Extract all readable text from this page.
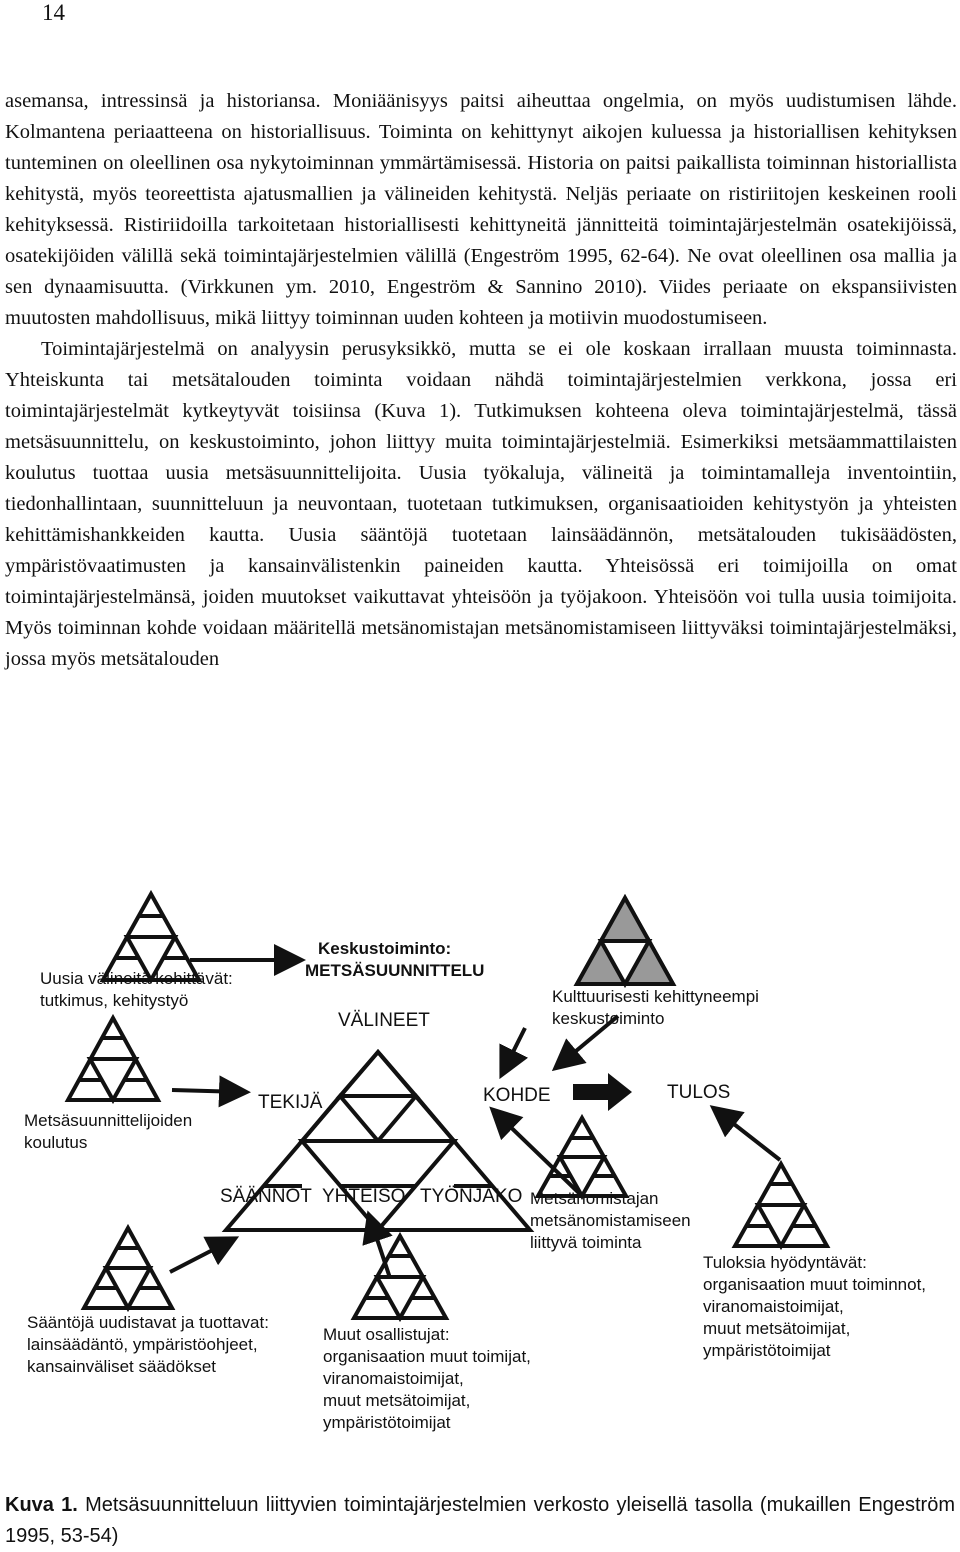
14

asemansa, intressinsä ja historiansa. Moniäänisyys paitsi aiheuttaa ongelmia, on myös uudistumisen lähde. Kolmantena periaatteena on historiallisuus. Toiminta on kehittynyt aikojen kuluessa ja historiallisen kehityksen tunteminen on oleellinen osa nykytoiminnan ymmärtämisessä. Historia on paitsi paikallista toiminnan historiallista kehitystä, myös teoreettista ajatusmallien ja välineiden kehitystä. Neljäs periaate on ristiriitojen keskeinen rooli kehityksessä. Ristiriidoilla tarkoitetaan historiallisesti kehittyneitä jännitteitä toimintajärjestelmän osatekijöissä, osatekijöiden välillä sekä toimintajärjestelmien välillä (Engeström 1995, 62-64). Ne ovat oleellinen osa mallia ja sen dynaamisuutta. (Virkkunen ym. 2010, Engeström & Sannino 2010). Viides periaate on ekspansiivisten muutosten mahdollisuus, mikä liittyy toiminnan uuden kohteen ja motiivin muodostumiseen.

Toimintajärjestelmä on analyysin perusyksikkö, mutta se ei ole koskaan irrallaan muusta toiminnasta. Yhteiskunta tai metsätalouden toiminta voidaan nähdä toimintajärjestelmien verkkona, jossa eri toimintajärjestelmät kytkeytyvät toisiinsa (Kuva 1). Tutkimuksen kohteena oleva toimintajärjestelmä, tässä metsäsuunnittelu, on keskustoiminto, johon liittyy muita toimintajärjestelmiä. Esimerkiksi metsäammattilaisten koulutus tuottaa uusia metsäsuunnittelijoita. Uusia työkaluja, välineitä ja toimintamalleja inventointiin, tiedonhallintaan, suunnitteluun ja neuvontaan, tuotetaan tutkimuksen, organisaatioiden kehitystyön ja yhteisten kehittämishankkeiden kautta. Uusia sääntöjä tuotetaan lainsäädännön, metsätalouden tukisäädösten, ympäristövaatimusten ja kansainvälistenkin paineiden kautta. Yhteisössä eri toimijoilla on omat toimintajärjestelmänsä, joiden muutokset vaikuttavat yhteisöön ja työjakoon. Yhteisöön voi tulla uusia toimijoita. Myös toiminnan kohde voidaan määritellä metsänomistajan metsänomistamiseen liittyväksi toimintajärjestelmäksi, jossa myös metsätalouden

Keskustoiminto:
METSÄSUUNNITTELU
Uusia välineitä kehittävät:
tutkimus, kehitystyö	Kulttuurisesti kehittyneempi
keskustoiminto
VÄLINEET
TEKIJÄ	KOHDE	TULOS
Metsäsuunnittelijoiden
koulutus
SÄÄNNÖT YHTEISÖ TYÖNJAKO Metsänomistajan
metsänomistamiseen
liittyvä toiminta
Tuloksia hyödyntävät:
organisaation muut toiminnot,
viranomaistoimijat,
muut metsätoimijat,
ympäristötoimijat
Sääntöjä uudistavat ja tuottavat:
lainsäädäntö, ympäristöohjeet,
kansainväliset säädökset
Muut osallistujat:
organisaation muut toimijat,
viranomaistoimijat,
muut metsätoimijat,
ympäristötoimijat
Kuva 1. Metsäsuunnitteluun liittyvien toimintajärjestelmien verkosto yleisellä tasolla (mukaillen Engeström 1995, 53-54)
